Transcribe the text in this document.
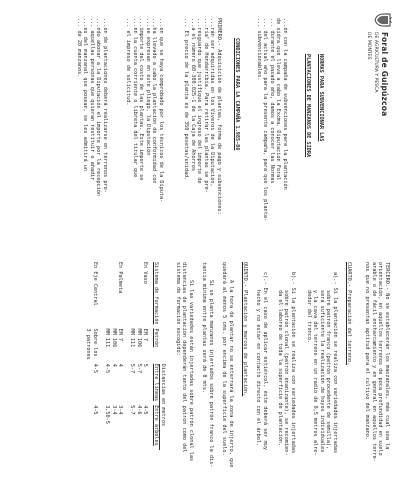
Foral de Guipúzcoa
DE AGRICULTURA Y PESCA
DE MONTES

NORMAS PARA SUBVENCIONAR LAS

PLANTACIONES DE MANZANOS DE SIDRA

...ón con la campaña de subvenciones para la plantación

de sidra que lleva a cabo la Excma. Diputación Foral

... durante el pasado año, damos a conocer las Normas

... del actual año para la presente campaña, para que los planta-

... subvencionables.

CONDICIONES PARA LA CAMPAÑA 1.985-86

PRIMERO.- Adquisición de plantas, forma de pago y subvenciones:

...rán ser adquiridas en los Viveros de la Diputación,

...ría" de Hondarribia. Para retirar las plantas se pre-

...resguardo que justifique el ingreso del importe de

...a el número 60-300.025-1 de la Caja de Ahorros

... El precio de la planta es de 350 pesetas/unidad.

...en que se haya comprobado por los técnicos de la Diputa-

...ha llevado a cabo la plantación de conformidad con

...se expresan en este pliego, la Diputación

...importe del costo de las plantas. Este importe se

...en la cuenta corriente o libreta del titular que

... el impreso de solicitud.

...ón de plantaciones deberá realizarse en terrenos pro-

...ndo abonar a la Diputación el importe por la recepción

... aquellas personas que quieran restituir o añadir

...es del manzanal que posean, se les admitirá un

... de 20 manzanos.

TERCERO.- No se establecerán los manzanales, más cual sea la

orientación, en aquellos terrenos de poca profundidad en suelo

arable o de fácil encharcamiento y en general en aquellos terre-

nos que no presentan aptitud para el cultivo del manzano.

CUARTO.- Preparación del terreno.

a).- Si la plantación se realiza con variedades injertadas

sobre patrón franco (patrón procedente de semilla),

será suficiente la realización de hoyos individuales

y la cava del terreno en un radio de 0,5 metros alre-

dedor del tronco.

b).- Si la plantación se realiza con variedades injertadas

sobre patrón clonal (patrón enanizante), se recomien-

da el laboreo de toda la superficie de plantación.

c).- En el caso de aplicar estiércol, éste deberá ser muy

hecho y no estar en contacto directo con el árbol.

QUINTO.- Plantación y marcos de plantación.

A la hora de plantar no se enterrará la zona de injerto, que

quedará al menos 5 cms. por encima de la superficie del suelo.

Si se planta manzanos injertados sobre patrón franco la dis-

tancia mínima entre plantas será de 8 mts.

Si las variedades están injertadas sobre patrón clonal las

distancias de plantación dependerán tanto del patrón como del

sistema de formación escogido:

		Distancias en metros	
Sistema de formación	Patrón	Entre líneas	Entre árboles

En Vaso	EM 7	5	4-5
	MM 106	5-7	4-6
	MM 111	5-7	5-7

En Palmeta	EM 7	4	3-4
	MM 106	4	3-4
	MM 111	4-5	3,50-5

En Eje Central	Sobre los	4-5	4-5
	3 patrones		
